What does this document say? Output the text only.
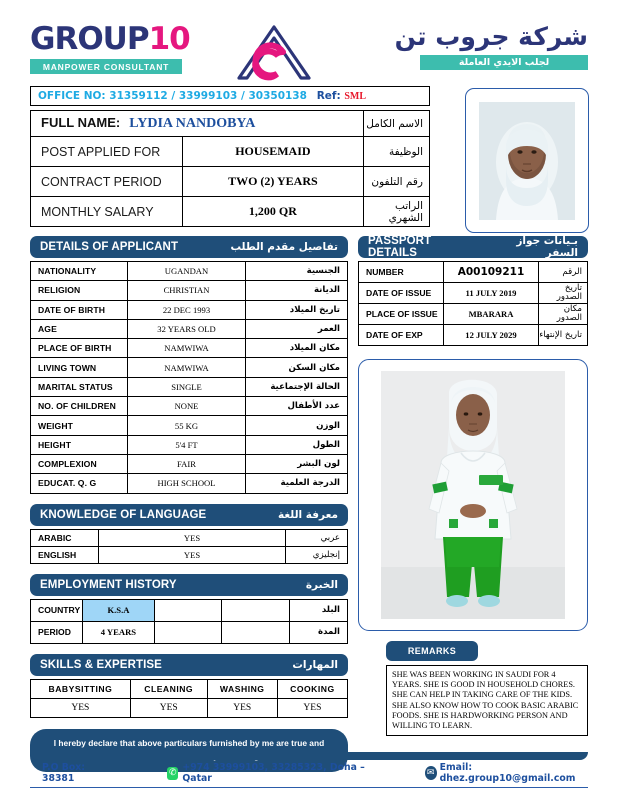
GROUP10
MANPOWER CONSULTANT
شركة جروب تن
لجلب الايدي العاملة
OFFICE NO: 31359112 / 33999103 / 30350138 Ref: SML
FULL NAME: LYDIA NANDOBYA		الاسم الكامل
POST APPLIED FOR	HOUSEMAID	الوظيفة
CONTRACT PERIOD	TWO (2) YEARS	رقم التلفون
MONTHLY SALARY	1,200 QR	الراتب الشهري
DETAILS OF APPLICANT	تفاصيل مقدم الطلب
NATIONALITY	UGANDAN	الجنسية
RELIGION	CHRISTIAN	الديانة
DATE OF BIRTH	22 DEC 1993	تاريخ الميلاد
AGE	32 YEARS OLD	العمر
PLACE OF BIRTH	NAMWIWA	مكان الميلاد
LIVING TOWN	NAMWIWA	مكان السكن
MARITAL STATUS	SINGLE	الحالة الإجتماعية
NO. OF CHILDREN	NONE	عدد الأطفال
WEIGHT	55 KG	الوزن
HEIGHT	5'4 FT	الطول
COMPLEXION	FAIR	لون البشر
EDUCAT. Q. G	HIGH SCHOOL	الدرجة العلمية
KNOWLEDGE OF LANGUAGE	معرفة اللغة
ARABIC	YES	عربي
ENGLISH	YES	إنجليزي
EMPLOYMENT HISTORY	الخبرة
COUNTRY	K.S.A			البلد
PERIOD	4 YEARS			المدة
SKILLS & EXPERTISE	المهارات
BABYSITTING	CLEANING	WASHING	COOKING
YES	YES	YES	YES
I hereby declare that above particulars furnished by me are true and
PASSPORT DETAILS
بـيانات جواز السفر
NUMBER	A00109211	الرقم
DATE OF ISSUE	11 JULY 2019	تاريخ الصدور
PLACE OF ISSUE	MBARARA	مكان الصدور
DATE OF EXP	12 JULY 2029	تاريخ الإنتهاء
REMARKS
SHE WAS BEEN WORKING IN SAUDI FOR 4 YEARS. SHE IS GOOD IN HOUSEHOLD CHORES. SHE CAN HELP IN TAKING CARE OF THE KIDS. SHE ALSO KNOW HOW TO COOK BASIC ARABIC FOODS. SHE IS HARDWORKING PERSON AND WILLING TO LEARN.
P.O Box: 38381	✆ +974 33999103, 33285323, Doha – Qatar	✉ Email: dhez.group10@gmail.com
